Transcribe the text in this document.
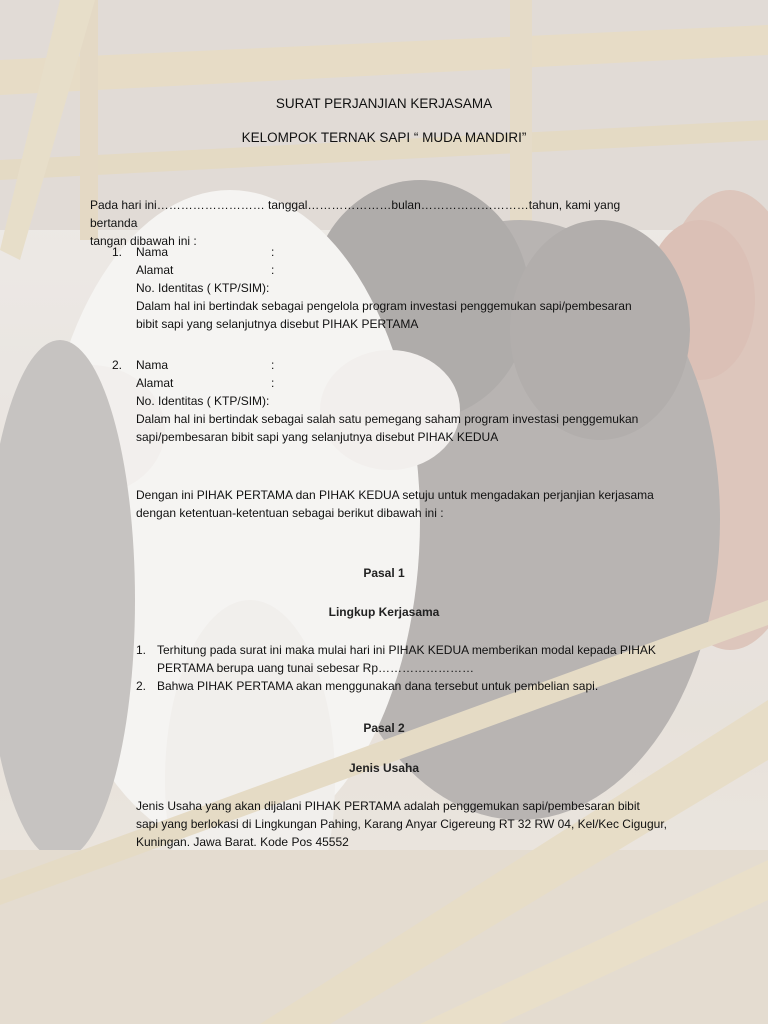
SURAT PERJANJIAN KERJASAMA
KELOMPOK TERNAK SAPI “ MUDA MANDIRI”
Pada hari ini……………………… tanggal…………………bulan………………………tahun, kami yang bertanda
tangan dibawah ini :
1. Nama	:
Alamat	:
No. Identitas ( KTP/SIM):
Dalam hal ini bertindak sebagai pengelola program investasi penggemukan sapi/pembesaran
bibit sapi yang selanjutnya disebut PIHAK PERTAMA
2. Nama	:
Alamat	:
No. Identitas ( KTP/SIM):
Dalam hal ini bertindak sebagai salah satu pemegang saham program investasi penggemukan
sapi/pembesaran bibit sapi yang selanjutnya disebut PIHAK KEDUA
Dengan ini PIHAK PERTAMA dan PIHAK KEDUA setuju untuk mengadakan perjanjian kerjasama
dengan ketentuan-ketentuan sebagai berikut dibawah ini :
Pasal 1
Lingkup Kerjasama
1. Terhitung pada surat ini maka mulai hari ini PIHAK KEDUA memberikan modal kepada PIHAK
PERTAMA berupa uang tunai sebesar Rp……………………
2. Bahwa PIHAK PERTAMA akan menggunakan dana tersebut untuk pembelian sapi.
Pasal 2
Jenis Usaha
Jenis Usaha yang akan dijalani PIHAK PERTAMA adalah penggemukan sapi/pembesaran bibit
sapi yang berlokasi di Lingkungan Pahing, Karang Anyar Cigereung RT 32 RW 04, Kel/Kec Cigugur,
Kuningan. Jawa Barat. Kode Pos 45552
